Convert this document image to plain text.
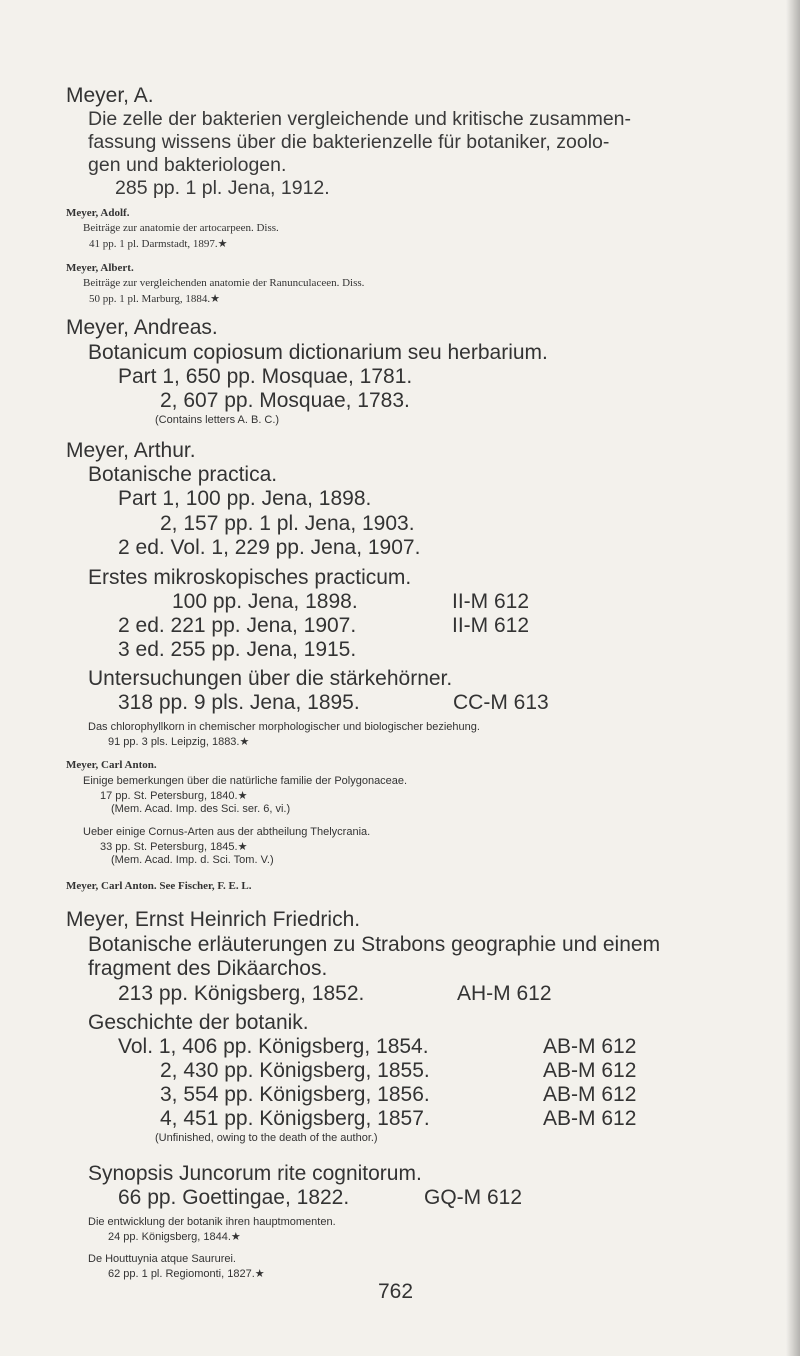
Meyer, A.
Die zelle der bakterien vergleichende und kritische zusammen-
fassung wissens über die bakterienzelle für botaniker, zoolo-
gen und bakteriologen.
285 pp. 1 pl. Jena, 1912.
Meyer, Adolf.
Beiträge zur anatomie der artocarpeen. Diss.
41 pp. 1 pl. Darmstadt, 1897.★
Meyer, Albert.
Beiträge zur vergleichenden anatomie der Ranunculaceen. Diss.
50 pp. 1 pl. Marburg, 1884.★
Meyer, Andreas.
Botanicum copiosum dictionarium seu herbarium.
Part 1, 650 pp. Mosquae, 1781.
2, 607 pp. Mosquae, 1783.
(Contains letters A. B. C.)
Meyer, Arthur.
Botanische practica.
Part 1, 100 pp. Jena, 1898.
2, 157 pp. 1 pl. Jena, 1903.
2 ed. Vol. 1, 229 pp. Jena, 1907.
Erstes mikroskopisches practicum.
100 pp. Jena, 1898.	II-M 612
2 ed. 221 pp. Jena, 1907.	II-M 612
3 ed. 255 pp. Jena, 1915.
Untersuchungen über die stärkehörner.
318 pp. 9 pls. Jena, 1895.	CC-M 613
Das chlorophyllkorn in chemischer morphologischer und biologischer beziehung.
91 pp. 3 pls. Leipzig, 1883.★
Meyer, Carl Anton.
Einige bemerkungen über die natürliche familie der Polygonaceae.
17 pp. St. Petersburg, 1840.★
(Mem. Acad. Imp. des Sci. ser. 6, vi.)
Ueber einige Cornus-Arten aus der abtheilung Thelycrania.
33 pp. St. Petersburg, 1845.★
(Mem. Acad. Imp. d. Sci. Tom. V.)
Meyer, Carl Anton. See Fischer, F. E. L.
Meyer, Ernst Heinrich Friedrich.
Botanische erläuterungen zu Strabons geographie und einem
fragment des Dikäarchos.
213 pp. Königsberg, 1852.	AH-M 612
Geschichte der botanik.
Vol. 1, 406 pp. Königsberg, 1854.	AB-M 612
2, 430 pp. Königsberg, 1855.	AB-M 612
3, 554 pp. Königsberg, 1856.	AB-M 612
4, 451 pp. Königsberg, 1857.	AB-M 612
(Unfinished, owing to the death of the author.)
Synopsis Juncorum rite cognitorum.
66 pp. Goettingae, 1822.	GQ-M 612
Die entwicklung der botanik ihren hauptmomenten.
24 pp. Königsberg, 1844.★
De Houttuynia atque Saururei.
62 pp. 1 pl. Regiomonti, 1827.★
762
